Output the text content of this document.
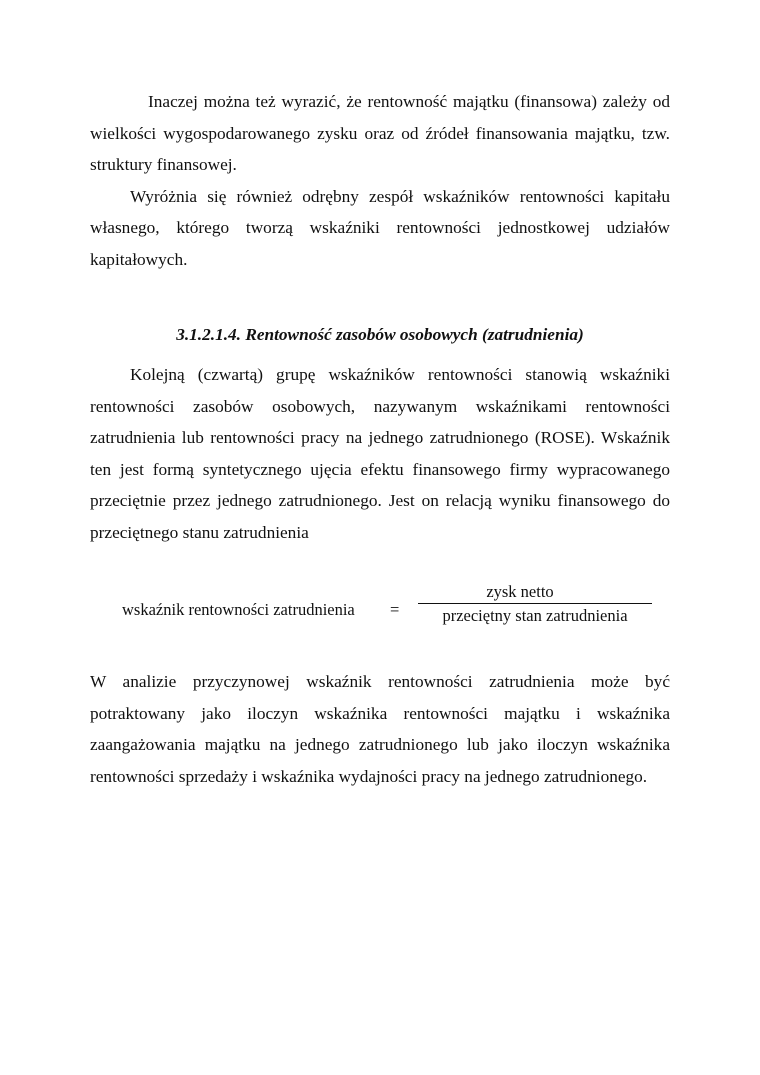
Inaczej można też wyrazić, że rentowność majątku (finansowa) zależy od wielkości wygospodarowanego zysku oraz od źródeł finansowania majątku, tzw. struktury finansowej.

Wyróżnia się również odrębny zespół wskaźników rentowności kapitału własnego, którego tworzą wskaźniki rentowności jednostkowej udziałów kapitałowych.

3.1.2.1.4. Rentowność zasobów osobowych (zatrudnienia)

Kolejną (czwartą) grupę wskaźników rentowności stanowią wskaźniki rentowności zasobów osobowych, nazywanym wskaźnikami rentowności zatrudnienia lub rentowności pracy na jednego zatrudnionego (ROSE). Wskaźnik ten jest formą syntetycznego ujęcia efektu finansowego firmy wypracowanego przeciętnie przez jednego zatrudnionego. Jest on relacją wyniku finansowego do przeciętnego stanu zatrudnienia

wskaźnik rentowności zatrudnienia =
zysk netto
przeciętny stan zatrudnienia

W analizie przyczynowej wskaźnik rentowności zatrudnienia może być potraktowany jako iloczyn wskaźnika rentowności majątku i wskaźnika zaangażowania majątku na jednego zatrudnionego lub jako iloczyn wskaźnika rentowności sprzedaży i wskaźnika wydajności pracy na jednego zatrudnionego.
